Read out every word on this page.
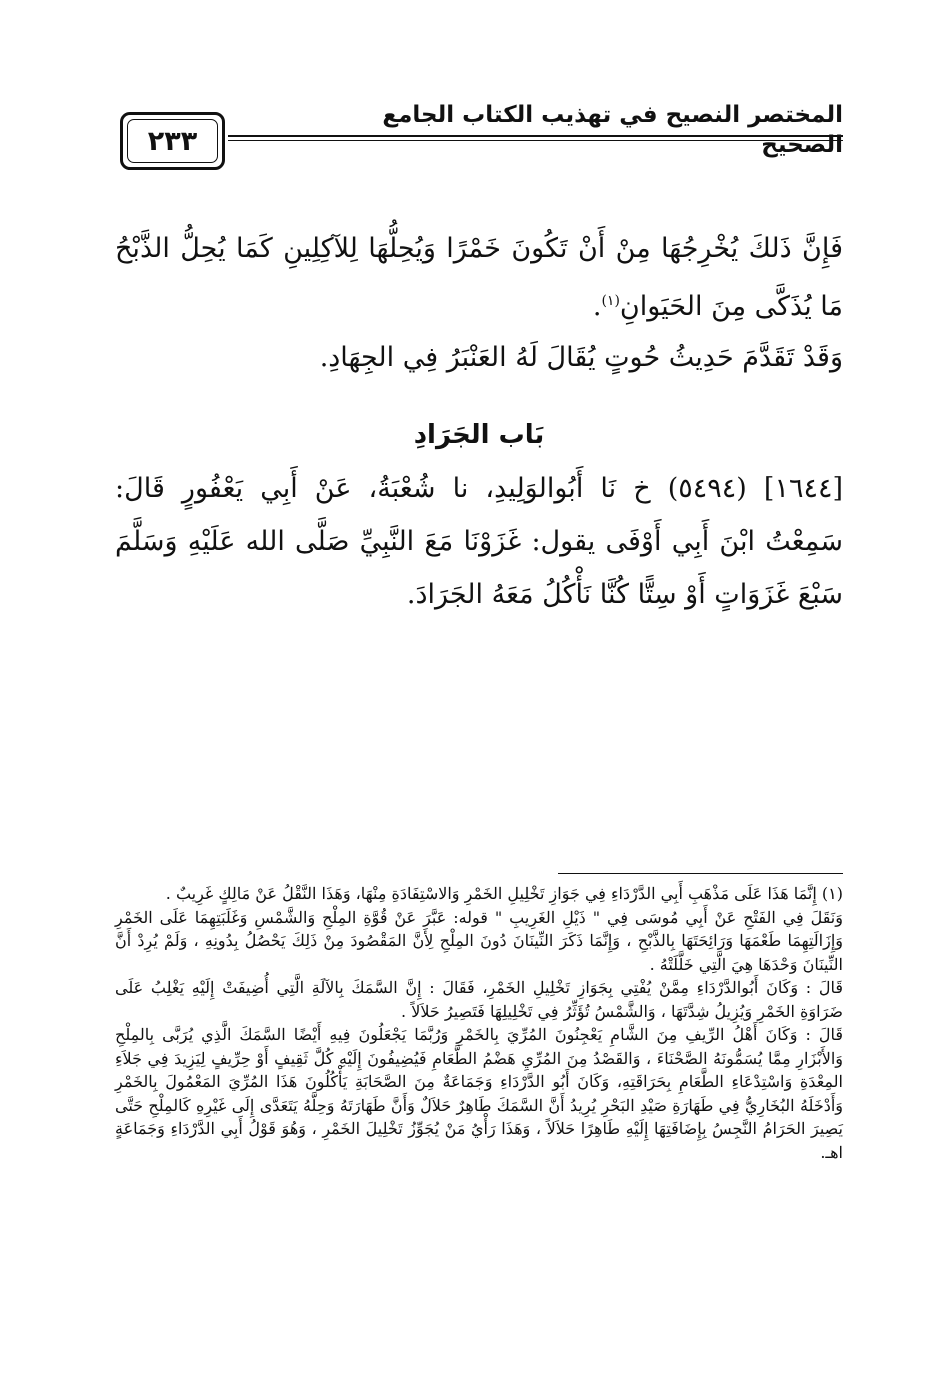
المختصر النصيح في تهذيب الكتاب الجامع الصحيح
٢٣٣
فَإِنَّ ذَلكَ يُخْرِجُهَا مِنْ أَنْ تَكُونَ خَمْرًا وَيُحِلُّهَا لِلآكِلِينِ كَمَا يُحِلُّ الذَّبْحُ مَا يُذَكَّى مِنَ الحَيَوانِ$^{(١)}$.
وَقَدْ تَقَدَّمَ حَدِيثُ حُوتٍ يُقَالَ لَهُ العَنْبَرُ فِي الجِهَادِ.
بَاب الجَرَادِ
[١٦٤٤] (٥٤٩٤) خ نَا أَبُوالوَلِيدِ، نا شُعْبَةُ، عَنْ أَبِي يَعْفُورٍ قَالَ: سَمِعْتُ ابْنَ أَبِي أَوْفَى يقول: غَزَوْنَا مَعَ النَّبِيِّ صَلَّى الله عَلَيْهِ وَسَلَّمَ سَبْعَ غَزَوَاتٍ أَوْ سِتًّا كُنَّا نَأْكُلُ مَعَهُ الجَرَادَ.

(١) إِنَّمَا هَذَا عَلَى مَذْهَبِ أَبِي الدَّرْدَاءِ فِي جَوَازِ تَخْلِيلِ الخَمْرِ وَالاسْتِفَادَةِ مِنْهَا، وَهَذَا النَّقْلُ عَنْ مَالِكٍ غَرِيبٌ .

وَنَقَلَ فِي الفَتْحِ عَنْ أَبِي مُوسَى فِي " ذَيْلِ الغَرِيبِ " قوله: عَبَّرَ عَنْ قُوَّةِ المِلْحِ وَالشَّمْسِ وَغَلَبَتِهِمَا عَلَى الخَمْرِ وَإِزَالَتِهِمَا طَعْمَهَا وَرَائِحَتَهَا بِالذَّبْحِ ، وَإِنَّمَا ذَكَرَ النِّينَانَ دُونَ المِلْحِ لِأَنَّ المَقْصُودَ مِنْ ذَلِكَ يَحْصُلُ بِدُونِهِ ، وَلَمْ يُرِدْ أَنَّ النِّينَانَ وَحْدَهَا هِيَ الَّتِي خَلَّلَتْهُ .

قَالَ : وَكَانَ أَبُوالدَّرْدَاءِ مِمَّنْ يُفْتِي بِجَوَازِ تَخْلِيلِ الخَمْرِ، فَقَالَ : إِنَّ السَّمَكَ بِالآلَةِ الَّتِي أُضِيفَتْ إِلَيْهِ يَغْلِبُ عَلَى ضَرَاوَةِ الخَمْرِ وَيُزِيلُ شِدَّتَهَا ، وَالشَّمْسُ تُؤَثِّرُ فِي تَخْلِيلِهَا فَتَصِيرُ حَلاَلاً .

قَالَ : وَكَانَ أَهْلُ الرِّيفِ مِنَ الشَّامِ يَعْجِنُونَ المُرِّيَ بِالخَمْرِ وَرُبَّمَا يَجْعَلُونَ فِيهِ أَيْضًا السَّمَكَ الَّذِي يُرَبَّى بِالمِلْحِ وَالأَبْزَارِ مِمَّا يُسَمُّونَهُ الصَّحْنَاءَ ، وَالقَصْدُ مِنَ المُرِّيِ هَضْمُ الطَّعَامِ فَيُضِيفُونَ إِلَيْهِ كُلَّ ثَقِيفٍ أَوْ حِرِّيفٍ لِيَزِيدَ فِي جَلاَءِ المِعْدَةِ وَاسْتِدْعَاءِ الطَّعَامِ بِحَرَاقَتِهِ، وَكَانَ أَبُو الدَّرْدَاءِ وَجَمَاعَةٌ مِنَ الصَّحَابَةِ يَأْكُلُونَ هَذَا المُرِّيَ المَعْمُولَ بِالخَمْرِ وَأَدْخَلَهُ البُخَارِيُّ فِي طَهَارَةِ صَيْدِ البَحْرِ يُرِيدُ أَنَّ السَّمَكَ طَاهِرٌ حَلاَلٌ وَأَنَّ طَهَارَتَهُ وَحِلَّهُ يَتَعَدَّى إِلَى غَيْرِهِ كَالمِلْحِ حَتَّى يَصِيرَ الحَرَامُ النَّجِسُ بِإِضَافَتِهَا إِلَيْهِ طَاهِرًا حَلاَلاً ، وَهَذَا رَأْيُ مَنْ يُجَوِّزُ تَخْلِيلَ الخَمْرِ ، وَهُوَ قَوْلُ أَبِي الدَّرْدَاءِ وَجَمَاعَةٍ اهـ.
